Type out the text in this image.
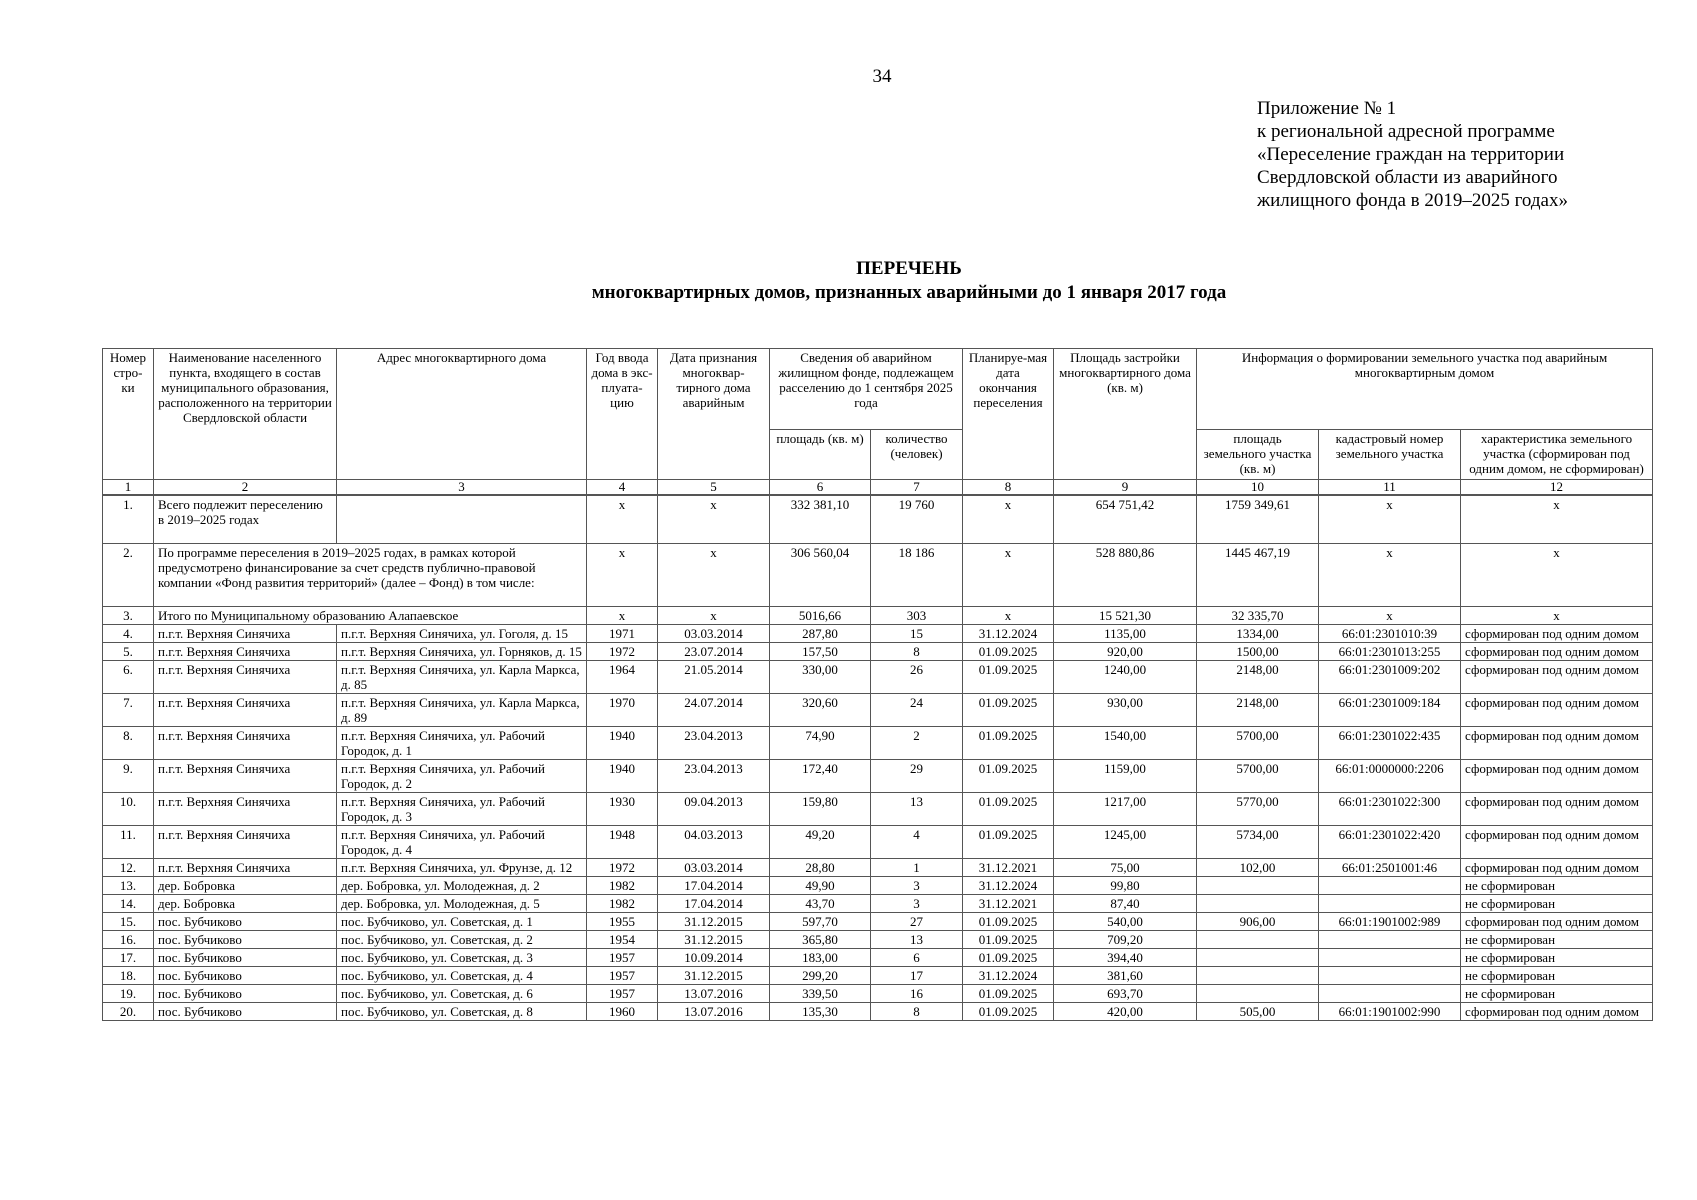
34
Приложение № 1
к региональной адресной программе
«Переселение граждан на территории
Свердловской области из аварийного
жилищного фонда в 2019–2025 годах»
ПЕРЕЧЕНЬ
многоквартирных домов, признанных аварийными до 1 января 2017 года
Номер стро-ки	Наименование населенного пункта, входящего в состав муниципального образования, расположенного на территории Свердловской области	Адрес многоквартирного дома	Год ввода дома в экс-плуата-цию	Дата признания многоквар-тирного дома аварийным	Сведения об аварийном жилищном фонде, подлежащем расселению до 1 сентября 2025 года		Планируе-мая дата окончания переселения	Площадь застройки многоквартирного дома (кв. м)	Информация о формировании земельного участка под аварийным многоквартирным домом		
					площадь (кв. м)	количество (человек)			площадь земельного участка (кв. м)	кадастровый номер земельного участка	характеристика земельного участка (сформирован под одним домом, не сформирован)
1	2	3	4	5	6	7	8	9	10	11	12
1.	Всего подлежит переселению в 2019–2025 годах		x	x	332 381,10	19 760	x	654 751,42	1759 349,61	x	x
2.	По программе переселения в 2019–2025 годах, в рамках которой предусмотрено финансирование за счет средств публично-правовой компании «Фонд развития территорий» (далее – Фонд) в том числе:		x	x	306 560,04	18 186	x	528 880,86	1445 467,19	x	x
3.	Итого по Муниципальному образованию Алапаевское		x	x	5016,66	303	x	15 521,30	32 335,70	x	x
4.	п.г.т. Верхняя Синячиха	п.г.т. Верхняя Синячиха, ул. Гоголя, д. 15	1971	03.03.2014	287,80	15	31.12.2024	1135,00	1334,00	66:01:2301010:39	сформирован под одним домом
5.	п.г.т. Верхняя Синячиха	п.г.т. Верхняя Синячиха, ул. Горняков, д. 15	1972	23.07.2014	157,50	8	01.09.2025	920,00	1500,00	66:01:2301013:255	сформирован под одним домом
6.	п.г.т. Верхняя Синячиха	п.г.т. Верхняя Синячиха, ул. Карла Маркса, д. 85	1964	21.05.2014	330,00	26	01.09.2025	1240,00	2148,00	66:01:2301009:202	сформирован под одним домом
7.	п.г.т. Верхняя Синячиха	п.г.т. Верхняя Синячиха, ул. Карла Маркса, д. 89	1970	24.07.2014	320,60	24	01.09.2025	930,00	2148,00	66:01:2301009:184	сформирован под одним домом
8.	п.г.т. Верхняя Синячиха	п.г.т. Верхняя Синячиха, ул. Рабочий Городок, д. 1	1940	23.04.2013	74,90	2	01.09.2025	1540,00	5700,00	66:01:2301022:435	сформирован под одним домом
9.	п.г.т. Верхняя Синячиха	п.г.т. Верхняя Синячиха, ул. Рабочий Городок, д. 2	1940	23.04.2013	172,40	29	01.09.2025	1159,00	5700,00	66:01:0000000:2206	сформирован под одним домом
10.	п.г.т. Верхняя Синячиха	п.г.т. Верхняя Синячиха, ул. Рабочий Городок, д. 3	1930	09.04.2013	159,80	13	01.09.2025	1217,00	5770,00	66:01:2301022:300	сформирован под одним домом
11.	п.г.т. Верхняя Синячиха	п.г.т. Верхняя Синячиха, ул. Рабочий Городок, д. 4	1948	04.03.2013	49,20	4	01.09.2025	1245,00	5734,00	66:01:2301022:420	сформирован под одним домом
12.	п.г.т. Верхняя Синячиха	п.г.т. Верхняя Синячиха, ул. Фрунзе, д. 12	1972	03.03.2014	28,80	1	31.12.2021	75,00	102,00	66:01:2501001:46	сформирован под одним домом
13.	дер. Бобровка	дер. Бобровка, ул. Молодежная, д. 2	1982	17.04.2014	49,90	3	31.12.2024	99,80			не сформирован
14.	дер. Бобровка	дер. Бобровка, ул. Молодежная, д. 5	1982	17.04.2014	43,70	3	31.12.2021	87,40			не сформирован
15.	пос. Бубчиково	пос. Бубчиково, ул. Советская, д. 1	1955	31.12.2015	597,70	27	01.09.2025	540,00	906,00	66:01:1901002:989	сформирован под одним домом
16.	пос. Бубчиково	пос. Бубчиково, ул. Советская, д. 2	1954	31.12.2015	365,80	13	01.09.2025	709,20			не сформирован
17.	пос. Бубчиково	пос. Бубчиково, ул. Советская, д. 3	1957	10.09.2014	183,00	6	01.09.2025	394,40			не сформирован
18.	пос. Бубчиково	пос. Бубчиково, ул. Советская, д. 4	1957	31.12.2015	299,20	17	31.12.2024	381,60			не сформирован
19.	пос. Бубчиково	пос. Бубчиково, ул. Советская, д. 6	1957	13.07.2016	339,50	16	01.09.2025	693,70			не сформирован
20.	пос. Бубчиково	пос. Бубчиково, ул. Советская, д. 8	1960	13.07.2016	135,30	8	01.09.2025	420,00	505,00	66:01:1901002:990	сформирован под одним домом
